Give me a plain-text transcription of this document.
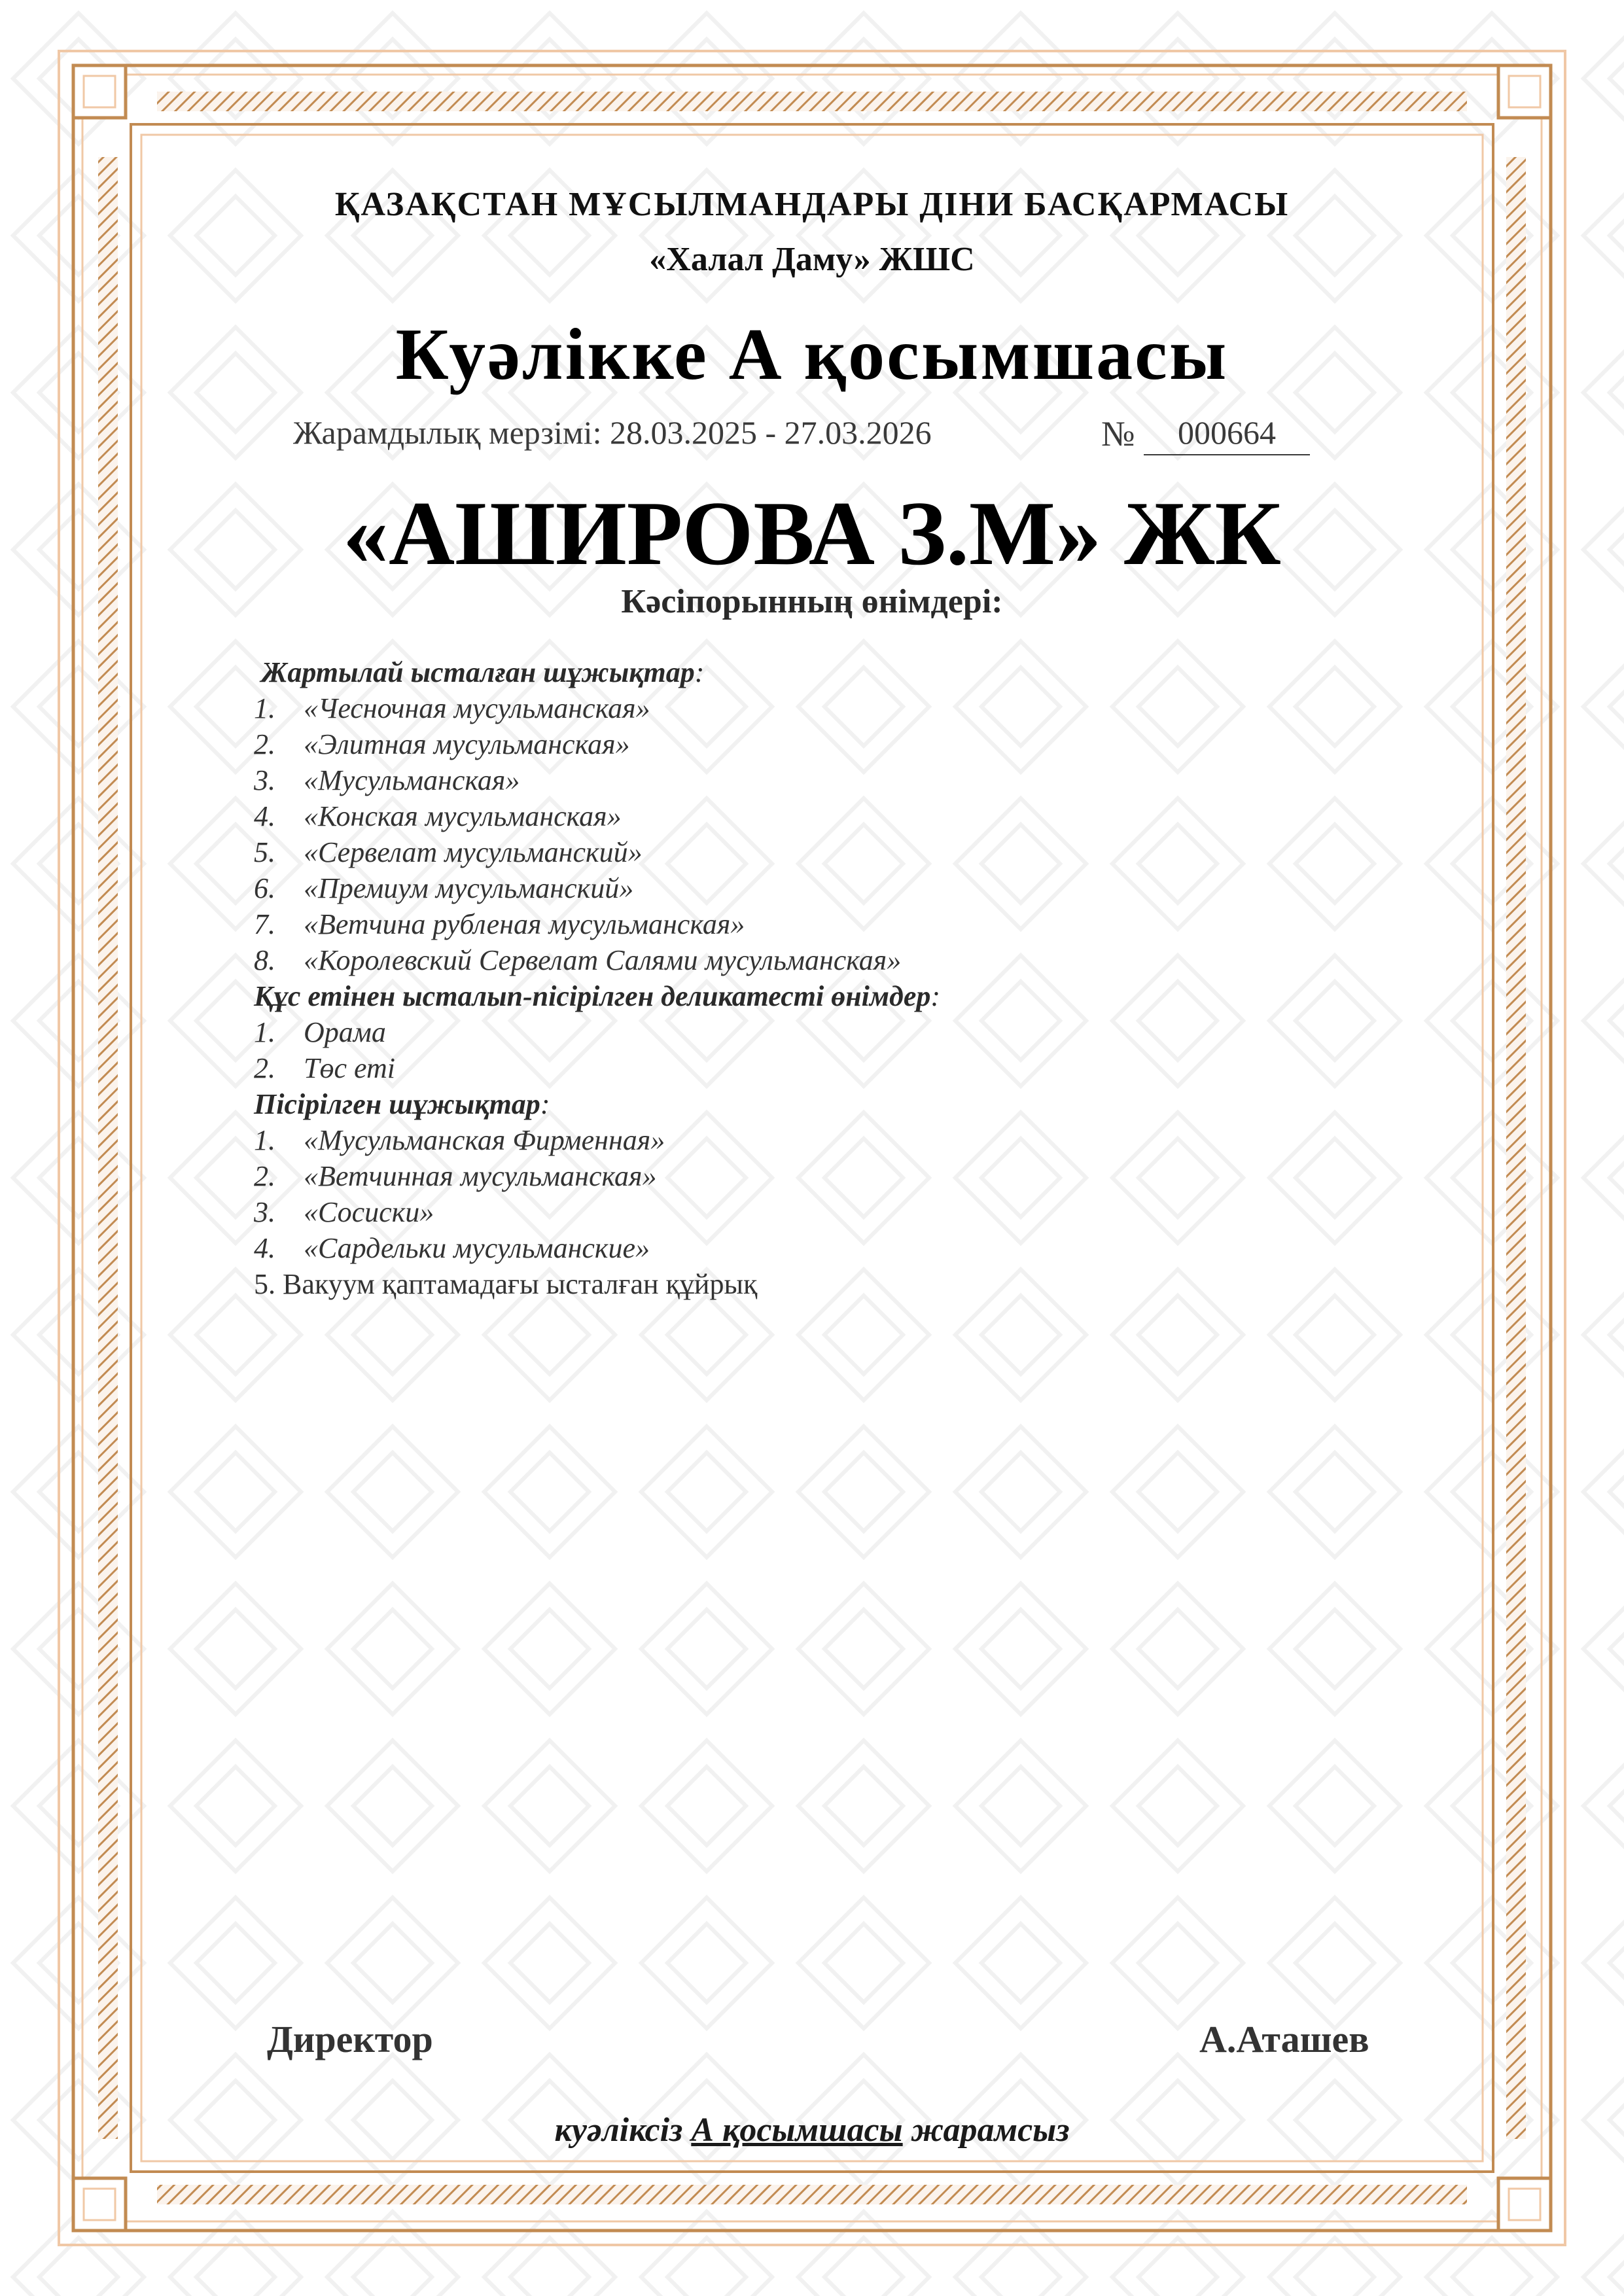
ҚАЗАҚСТАН МҰСЫЛМАНДАРЫ ДІНИ БАСҚАРМАСЫ
«Халал Даму» ЖШС
Куәлікке А қосымшасы
Жарамдылық мерзімі: 28.03.2025 - 27.03.2026	№	000664
«АШИРОВА З.М» ЖК
Кәсіпорынның өнімдері:
Жартылай ысталған шұжықтар:
1. «Чесночная мусульманская»
2. «Элитная мусульманская»
3. «Мусульманская»
4. «Конская мусульманская»
5. «Сервелат мусульманский»
6. «Премиум мусульманский»
7. «Ветчина рубленая мусульманская»
8. «Королевский Сервелат Салями мусульманская»
Құс етінен ысталып-пісірілген деликатесті өнімдер:
1. Орама
2. Төс еті
Пісірілген шұжықтар:
1. «Мусульманская Фирменная»
2. «Ветчинная мусульманская»
3. «Сосиски»
4. «Сардельки мусульманские»
5. Вакуум қаптамадағы ысталған құйрық
Директор	А.Аташев
куәліксіз А қосымшасы жарамсыз
